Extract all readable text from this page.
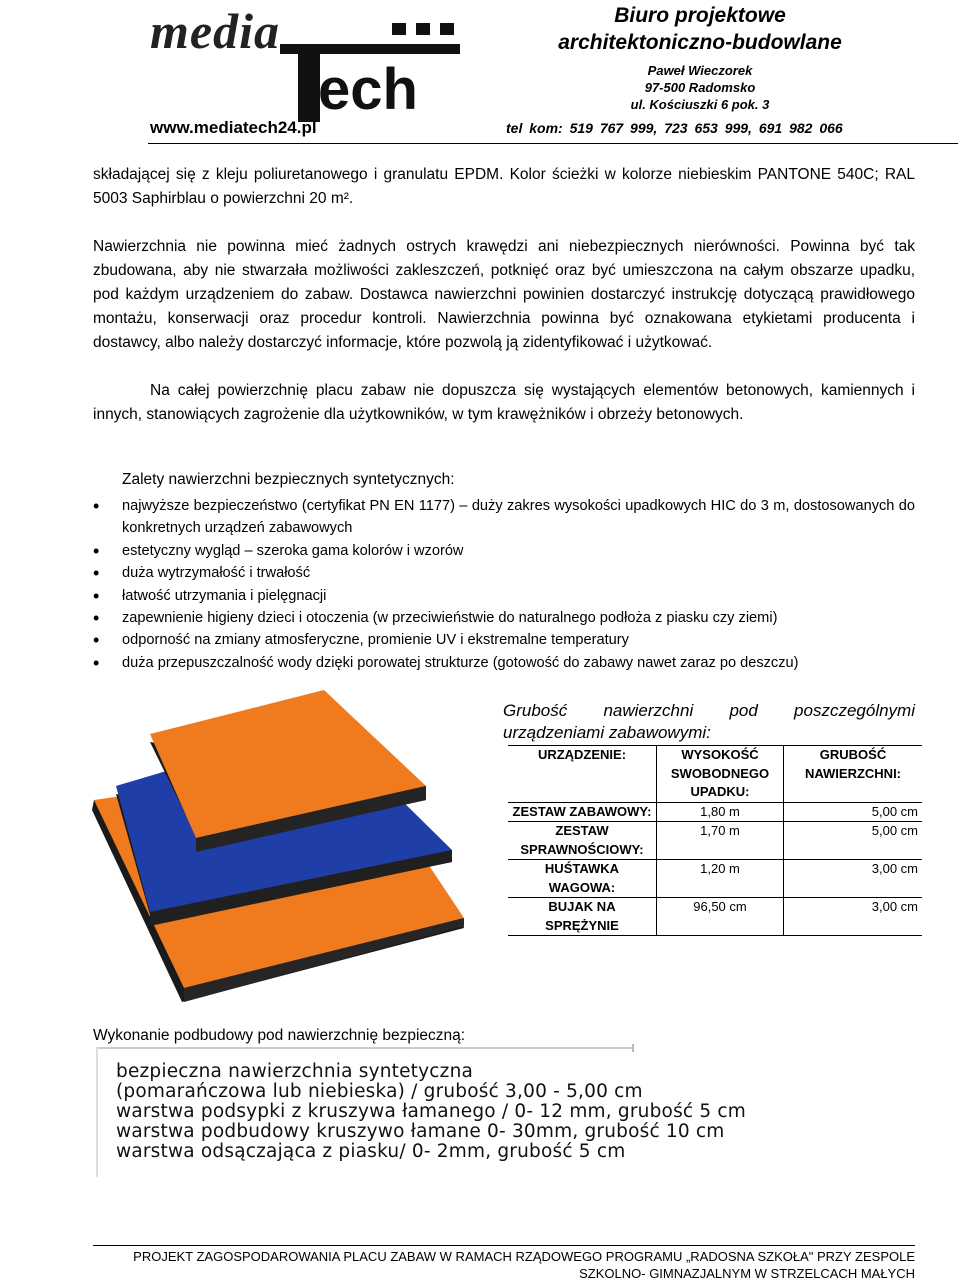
media
ech
www.mediatech24.pl
Biuro projektowe
architektoniczno-budowlane
Paweł Wieczorek
97-500 Radomsko
ul. Kościuszki 6 pok. 3
tel kom: 519 767 999, 723 653 999, 691 982 066
składającej się z kleju poliuretanowego i granulatu EPDM. Kolor ścieżki w kolorze niebieskim PANTONE 540C; RAL 5003 Saphirblau o powierzchni 20 m².
Nawierzchnia nie powinna mieć żadnych ostrych krawędzi ani niebezpiecznych nierówności. Powinna być tak zbudowana, aby nie stwarzała możliwości zakleszczeń, potknięć oraz być umieszczona na całym obszarze upadku, pod każdym urządzeniem do zabaw. Dostawca nawierzchni powinien dostarczyć instrukcję dotyczącą prawidłowego montażu, konserwacji oraz procedur kontroli. Nawierzchnia powinna być oznakowana etykietami producenta i dostawcy, albo należy dostarczyć informacje, które pozwolą ją zidentyfikować i użytkować.
Na całej powierzchnię placu zabaw nie dopuszcza się wystających elementów betonowych, kamiennych i innych, stanowiących zagrożenie dla użytkowników, w tym krawężników i obrzeży betonowych.
Zalety nawierzchni bezpiecznych syntetycznych:
• najwyższe bezpieczeństwo (certyfikat PN EN 1177) – duży zakres wysokości upadkowych HIC do 3 m, dostosowanych do konkretnych urządzeń zabawowych
• estetyczny wygląd – szeroka gama kolorów i wzorów
• duża wytrzymałość i trwałość
• łatwość utrzymania i pielęgnacji
• zapewnienie higieny dzieci i otoczenia (w przeciwieństwie do naturalnego podłoża z piasku czy ziemi)
• odporność na zmiany atmosferyczne, promienie UV i ekstremalne temperatury
• duża przepuszczalność wody dzięki porowatej strukturze (gotowość do zabawy nawet zaraz po deszczu)
Grubość nawierzchni pod poszczególnymi urządzeniami zabawowymi:
URZĄDZENIE:	WYSOKOŚĆ SWOBODNEGO UPADKU:	GRUBOŚĆ NAWIERZCHNI:
ZESTAW ZABAWOWY:	1,80 m	5,00 cm
ZESTAW SPRAWNOŚCIOWY:	1,70 m	5,00 cm
HUŚTAWKA WAGOWA:	1,20 m	3,00 cm
BUJAK NA SPRĘŻYNIE	96,50 cm	3,00 cm
Wykonanie podbudowy pod nawierzchnię bezpieczną:
bezpieczna nawierzchnia syntetyczna
(pomarańczowa lub niebieska) / grubość 3,00 - 5,00 cm
warstwa podsypki z kruszywa łamanego / 0- 12 mm, grubość 5 cm
warstwa podbudowy kruszywo łamane 0- 30mm, grubość 10 cm
warstwa odsączająca z piasku/ 0- 2mm, grubość 5 cm
PROJEKT ZAGOSPODAROWANIA PLACU ZABAW W RAMACH RZĄDOWEGO PROGRAMU „RADOSNA SZKOŁA" PRZY ZESPOLE
SZKOLNO- GIMNAZJALNYM W STRZELCACH MAŁYCH
